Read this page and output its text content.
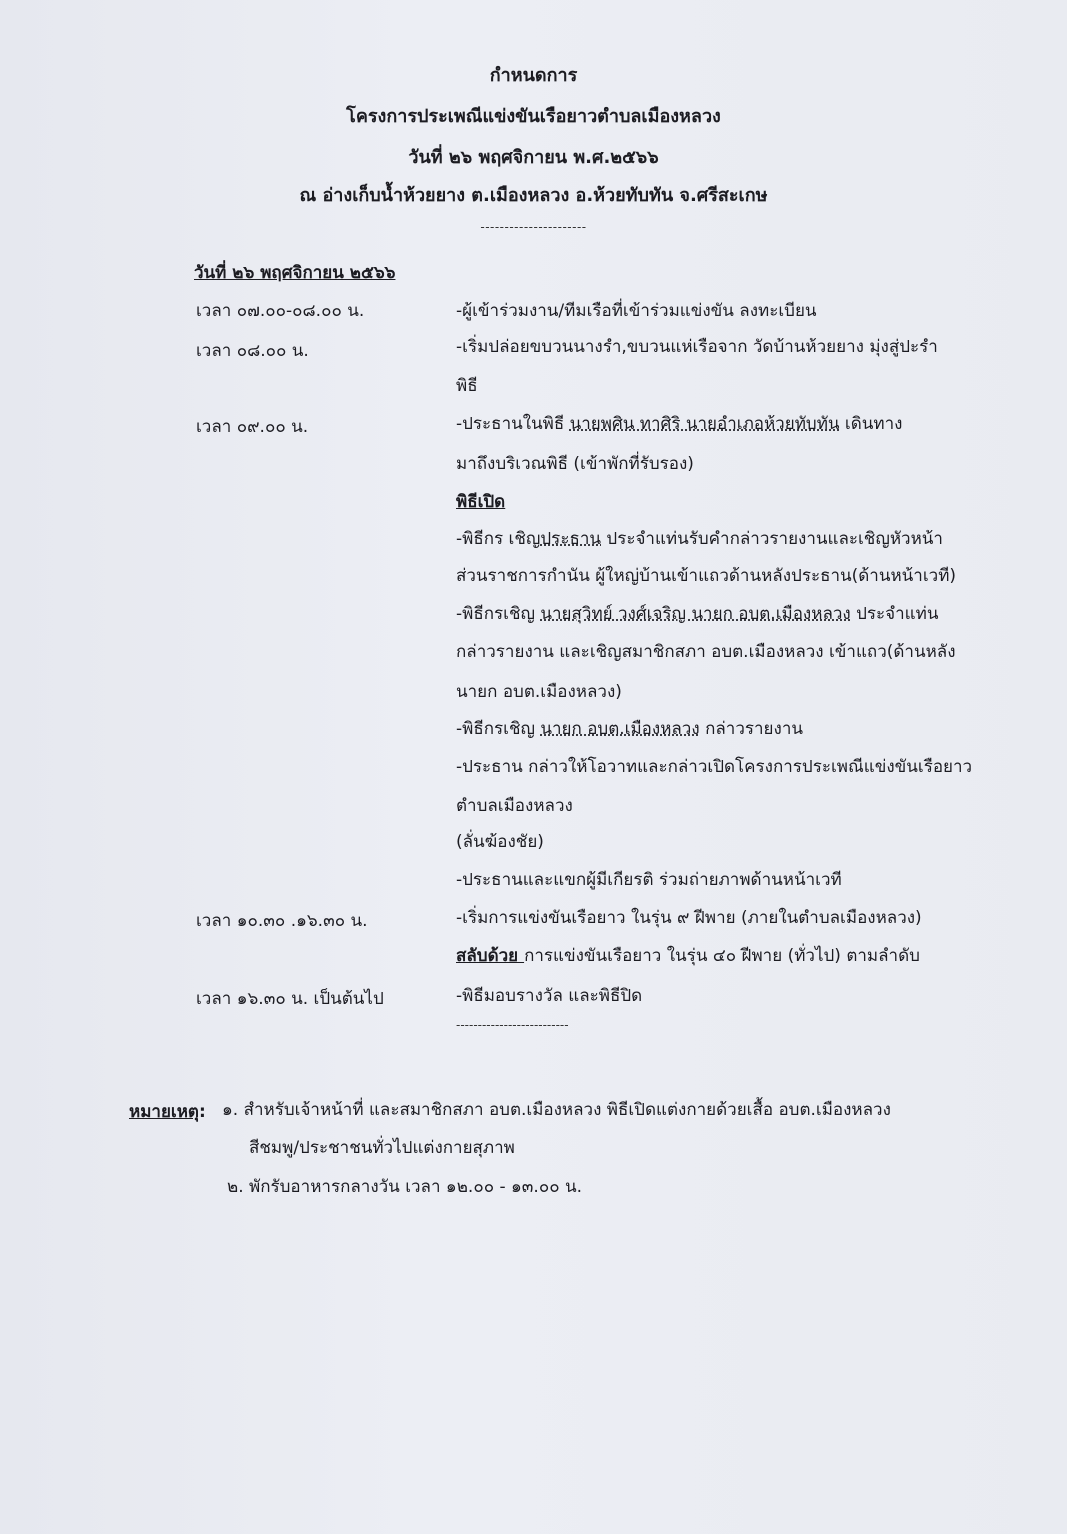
กำหนดการ
โครงการประเพณีแข่งขันเรือยาวตำบลเมืองหลวง
วันที่ ๒๖ พฤศจิกายน พ.ศ.๒๕๖๖
ณ อ่างเก็บน้ำห้วยยาง ต.เมืองหลวง อ.ห้วยทับทัน จ.ศรีสะเกษ
----------------------
วันที่ ๒๖ พฤศจิกายน ๒๕๖๖
เวลา ๐๗.๐๐-๐๘.๐๐ น.	-ผู้เข้าร่วมงาน/ทีมเรือที่เข้าร่วมแข่งขัน ลงทะเบียน
เวลา ๐๘.๐๐ น.	-เริ่มปล่อยขบวนนางรำ,ขบวนแห่เรือจาก วัดบ้านห้วยยาง มุ่งสู่ปะรำ
พิธี
เวลา ๐๙.๐๐ น.	-ประธานในพิธี นายพศิน ทาศิริ นายอำเภอห้วยทับทัน เดินทาง
มาถึงบริเวณพิธี (เข้าพักที่รับรอง)
พิธีเปิด
-พิธีกร เชิญประธาน ประจำแท่นรับคำกล่าวรายงานและเชิญหัวหน้า
ส่วนราชการกำนัน ผู้ใหญ่บ้านเข้าแถวด้านหลังประธาน(ด้านหน้าเวที)
-พิธีกรเชิญ นายสุวิทย์ วงศ์เจริญ นายก อบต.เมืองหลวง ประจำแท่น
กล่าวรายงาน และเชิญสมาชิกสภา อบต.เมืองหลวง เข้าแถว(ด้านหลัง
นายก อบต.เมืองหลวง)
-พิธีกรเชิญ นายก อบต.เมืองหลวง กล่าวรายงาน
-ประธาน กล่าวให้โอวาทและกล่าวเปิดโครงการประเพณีแข่งขันเรือยาว
ตำบลเมืองหลวง
(ลั่นฆ้องชัย)
-ประธานและแขกผู้มีเกียรติ ร่วมถ่ายภาพด้านหน้าเวที
เวลา ๑๐.๓๐ .๑๖.๓๐ น.	-เริ่มการแข่งขันเรือยาว ในรุ่น ๙ ฝีพาย (ภายในตำบลเมืองหลวง)
สลับด้วย การแข่งขันเรือยาว ในรุ่น ๔๐ ฝีพาย (ทั่วไป) ตามลำดับ
เวลา ๑๖.๓๐ น. เป็นต้นไป	-พิธีมอบรางวัล และพิธีปิด
--------------------------
หมายเหตุ: ๑. สำหรับเจ้าหน้าที่ และสมาชิกสภา อบต.เมืองหลวง พิธีเปิดแต่งกายด้วยเสื้อ อบต.เมืองหลวง
สีชมพู/ประชาชนทั่วไปแต่งกายสุภาพ
๒. พักรับอาหารกลางวัน เวลา ๑๒.๐๐ - ๑๓.๐๐ น.
